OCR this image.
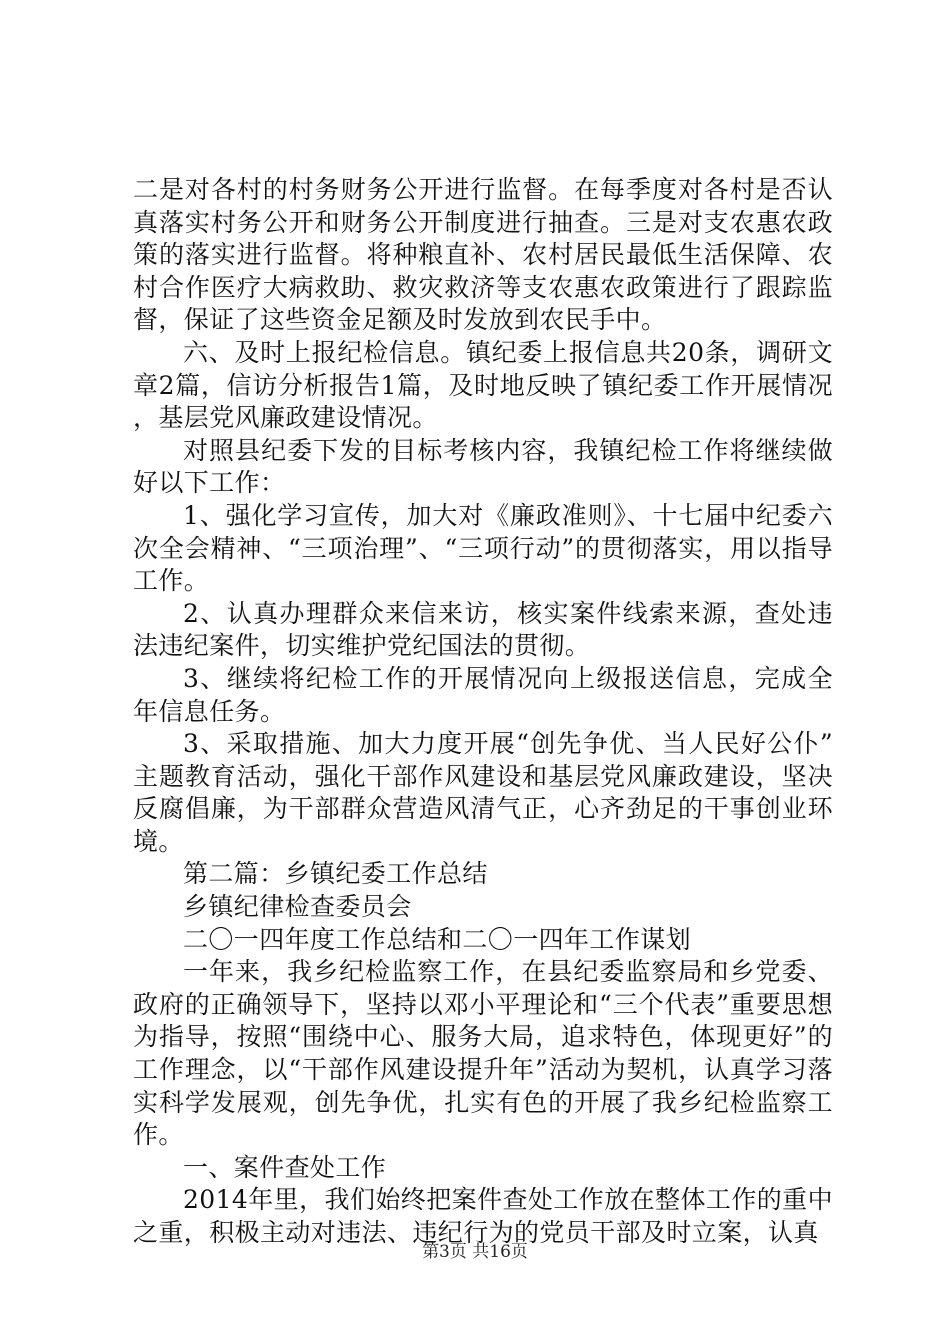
二是对各村的村务财务公开进行监督。在每季度对各村是否认真落实村务公开和财务公开制度进行抽查。三是对支农惠农政策的落实进行监督。将种粮直补、农村居民最低生活保障、农村合作医疗大病救助、救灾救济等支农惠农政策进行了跟踪监督，保证了这些资金足额及时发放到农民手中。

六、及时上报纪检信息。镇纪委上报信息共20条，调研文章2篇，信访分析报告1篇，及时地反映了镇纪委工作开展情况，基层党风廉政建设情况。

对照县纪委下发的目标考核内容，我镇纪检工作将继续做好以下工作：

1、强化学习宣传，加大对《廉政准则》、十七届中纪委六次全会精神、“三项治理”、“三项行动”的贯彻落实，用以指导工作。

2、认真办理群众来信来访，核实案件线索来源，查处违法违纪案件，切实维护党纪国法的贯彻。

3、继续将纪检工作的开展情况向上级报送信息，完成全年信息任务。

3、采取措施、加大力度开展“创先争优、当人民好公仆”主题教育活动，强化干部作风建设和基层党风廉政建设，坚决反腐倡廉，为干部群众营造风清气正，心齐劲足的干事创业环境。

第二篇：乡镇纪委工作总结

乡镇纪律检查委员会

二〇一四年度工作总结和二〇一四年工作谋划

一年来，我乡纪检监察工作，在县纪委监察局和乡党委、政府的正确领导下，坚持以邓小平理论和“三个代表”重要思想为指导，按照“围绕中心、服务大局，追求特色，体现更好”的工作理念，以“干部作风建设提升年”活动为契机，认真学习落实科学发展观，创先争优，扎实有色的开展了我乡纪检监察工作。

一、案件查处工作

2014年里，我们始终把案件查处工作放在整体工作的重中之重，积极主动对违法、违纪行为的党员干部及时立案，认真

第3页 共16页
